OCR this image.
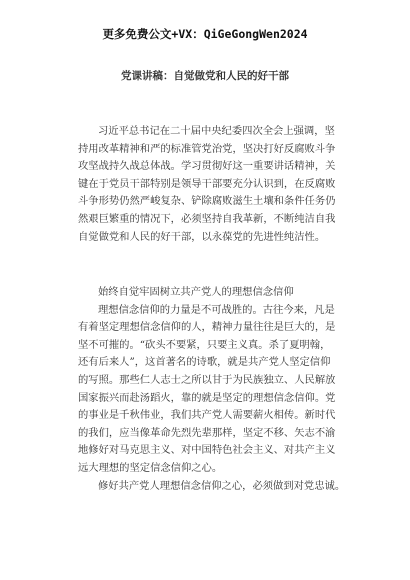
更多免费公文+VX：QiGeGongWen2024
党课讲稿：自觉做党和人民的好干部
习近平总书记在二十届中央纪委四次全会上强调，坚
持用改革精神和严的标准管党治党，坚决打好反腐败斗争
攻坚战持久战总体战。学习贯彻好这一重要讲话精神，关
键在于党员干部特别是领导干部要充分认识到，在反腐败
斗争形势仍然严峻复杂、铲除腐败滋生土壤和条件任务仍
然艰巨繁重的情况下，必须坚持自我革新，不断纯洁自我
自觉做党和人民的好干部，以永葆党的先进性纯洁性。
始终自觉牢固树立共产党人的理想信念信仰
理想信念信仰的力量是不可战胜的。古往今来，凡是
有着坚定理想信念信仰的人，精神力量往往是巨大的，是
坚不可摧的。“砍头不要紧，只要主义真。杀了夏明翰，
还有后来人”，这首著名的诗歌，就是共产党人坚定信仰
的写照。那些仁人志士之所以甘于为民族独立、人民解放
国家振兴而赴汤蹈火，靠的就是坚定的理想信念信仰。党
的事业是千秋伟业，我们共产党人需要薪火相传。新时代
的我们，应当像革命先烈先辈那样，坚定不移、矢志不渝
地修好对马克思主义、对中国特色社会主义、对共产主义
远大理想的坚定信念信仰之心。
修好共产党人理想信念信仰之心，必须做到对党忠诚。
